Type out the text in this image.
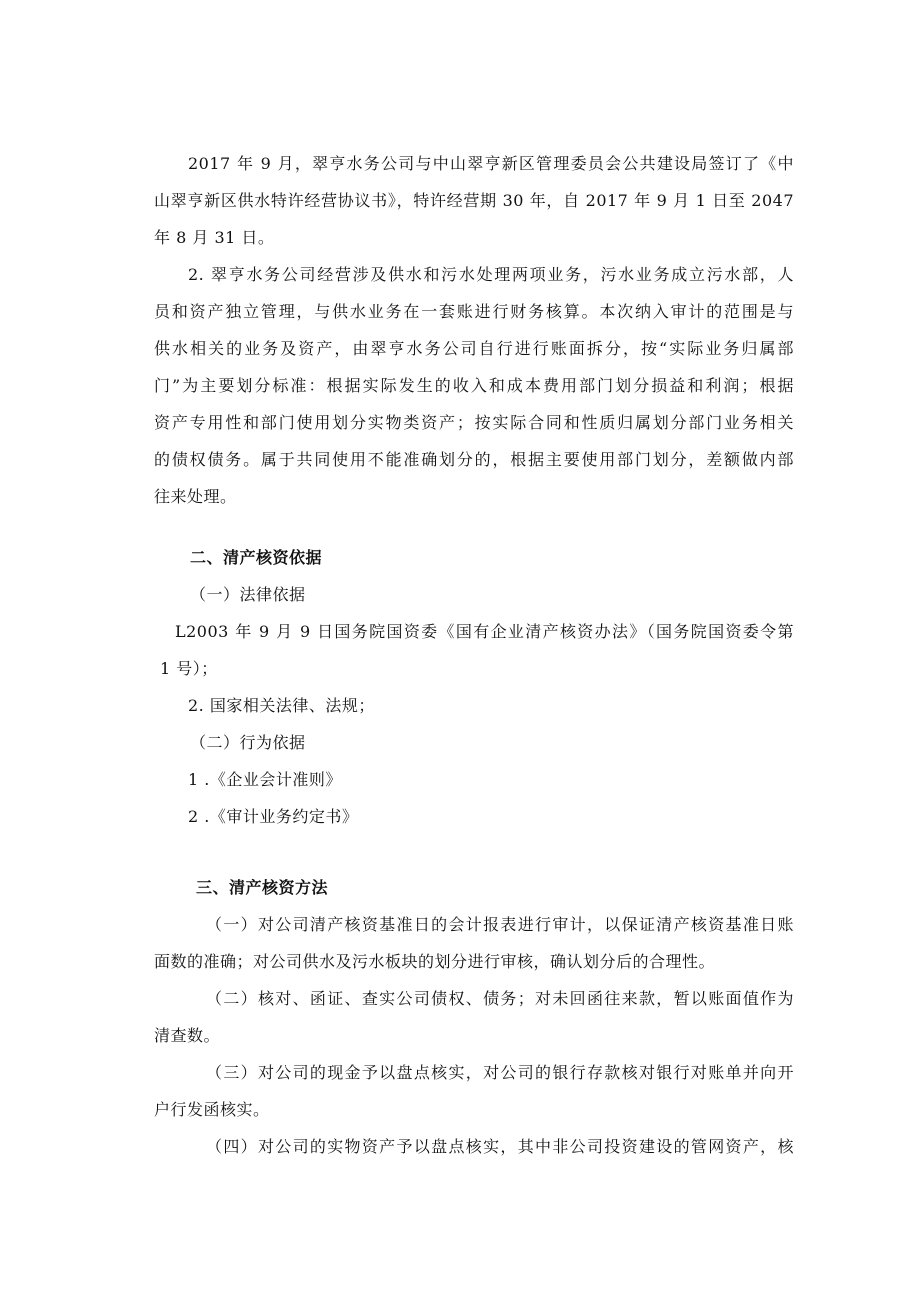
2017 年 9 月，翠亨水务公司与中山翠亨新区管理委员会公共建设局签订了《中
山翠亨新区供水特许经营协议书》，特许经营期 30 年，自 2017 年 9 月 1 日至 2047
年 8 月 31 日。
2. 翠亨水务公司经营涉及供水和污水处理两项业务，污水业务成立污水部，人
员和资产独立管理，与供水业务在一套账进行财务核算。本次纳入审计的范围是与
供水相关的业务及资产，由翠亨水务公司自行进行账面拆分，按“实际业务归属部
门”为主要划分标准：根据实际发生的收入和成本费用部门划分损益和利润；根据
资产专用性和部门使用划分实物类资产；按实际合同和性质归属划分部门业务相关
的债权债务。属于共同使用不能准确划分的，根据主要使用部门划分，差额做内部
往来处理。
二、清产核资依据
（一）法律依据
L2003 年 9 月 9 日国务院国资委《国有企业清产核资办法》（国务院国资委令第
1 号）；
2. 国家相关法律、法规；
（二）行为依据
1 .《企业会计准则》
2 .《审计业务约定书》
三、清产核资方法
（一）对公司清产核资基准日的会计报表进行审计，以保证清产核资基准日账
面数的准确；对公司供水及污水板块的划分进行审核，确认划分后的合理性。
（二）核对、函证、查实公司债权、债务；对未回函往来款，暂以账面值作为
清查数。
（三）对公司的现金予以盘点核实，对公司的银行存款核对银行对账单并向开
户行发函核实。
（四）对公司的实物资产予以盘点核实，其中非公司投资建设的管网资产，核
